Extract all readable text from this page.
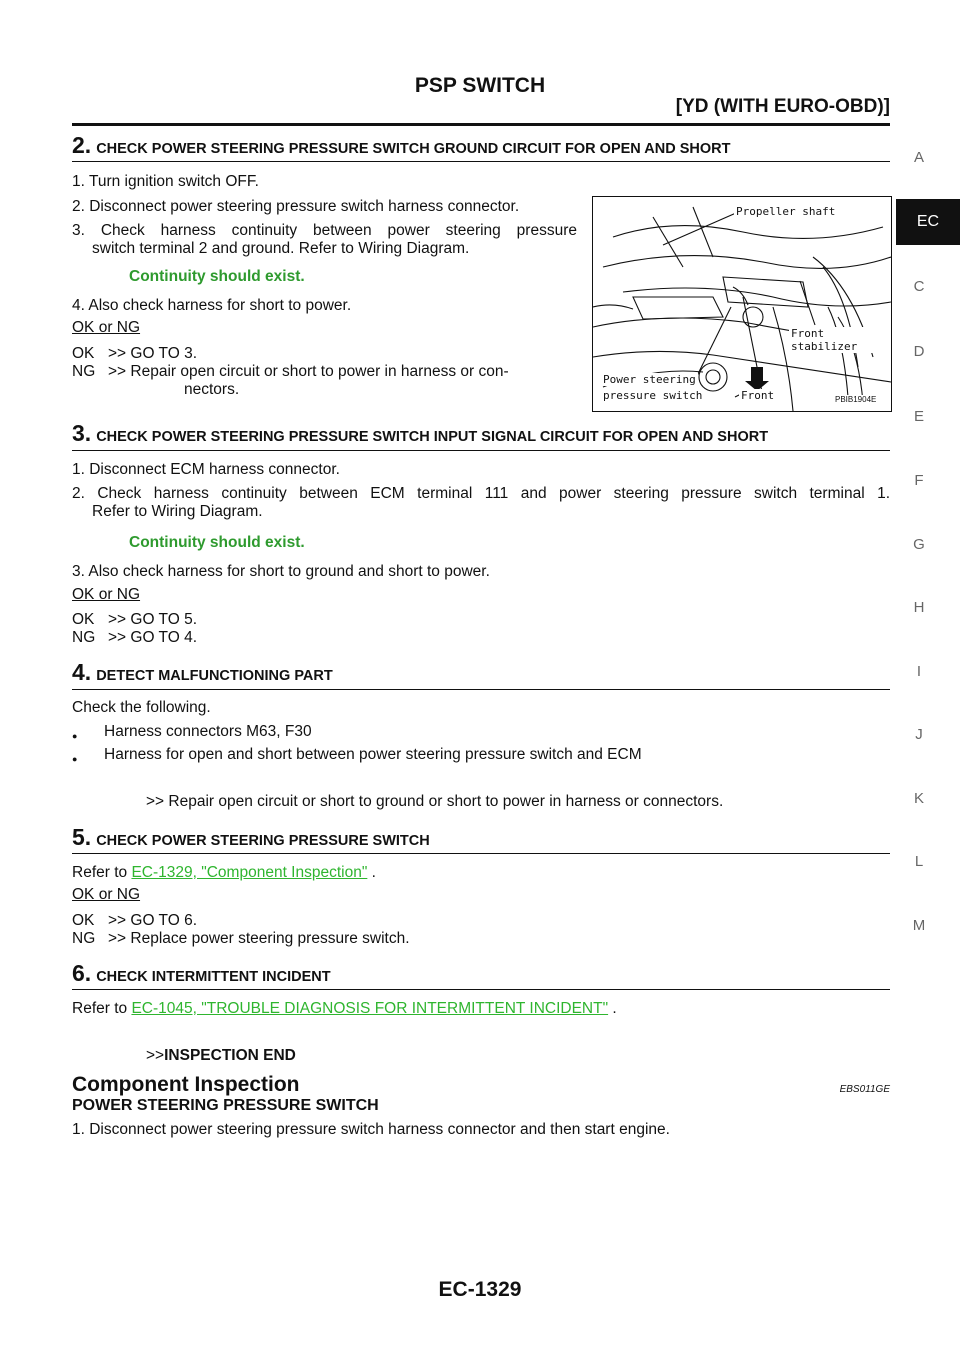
PSP SWITCH
[YD (WITH EURO-OBD)]
A
EC
C
D
E
F
G
H
I
J
K
L
M
2. CHECK POWER STEERING PRESSURE SWITCH GROUND CIRCUIT FOR OPEN AND SHORT
1. Turn ignition switch OFF.
2. Disconnect power steering pressure switch harness connector.
3. Check harness continuity between power steering pressure
switch terminal 2 and ground. Refer to Wiring Diagram.
Continuity should exist.
4. Also check harness for short to power.
OK or NG
OK >> GO TO 3.
NG >> Repair open circuit or short to power in harness or con-
nectors.
Propeller shaft
Front stabilizer
Power steering
pressure switch	Front	PBIB1904E
3. CHECK POWER STEERING PRESSURE SWITCH INPUT SIGNAL CIRCUIT FOR OPEN AND SHORT
1. Disconnect ECM harness connector.
2. Check harness continuity between ECM terminal 111 and power steering pressure switch terminal 1.
Refer to Wiring Diagram.
Continuity should exist.
3. Also check harness for short to ground and short to power.
OK or NG
OK >> GO TO 5.
NG >> GO TO 4.
4. DETECT MALFUNCTIONING PART
Check the following.
● Harness connectors M63, F30
● Harness for open and short between power steering pressure switch and ECM
>> Repair open circuit or short to ground or short to power in harness or connectors.
5. CHECK POWER STEERING PRESSURE SWITCH
Refer to EC-1329, "Component Inspection" .
OK or NG
OK >> GO TO 6.
NG >> Replace power steering pressure switch.
6. CHECK INTERMITTENT INCIDENT
Refer to EC-1045, "TROUBLE DIAGNOSIS FOR INTERMITTENT INCIDENT" .
>>INSPECTION END
Component Inspection	EBS011GE
POWER STEERING PRESSURE SWITCH
1. Disconnect power steering pressure switch harness connector and then start engine.
EC-1329
